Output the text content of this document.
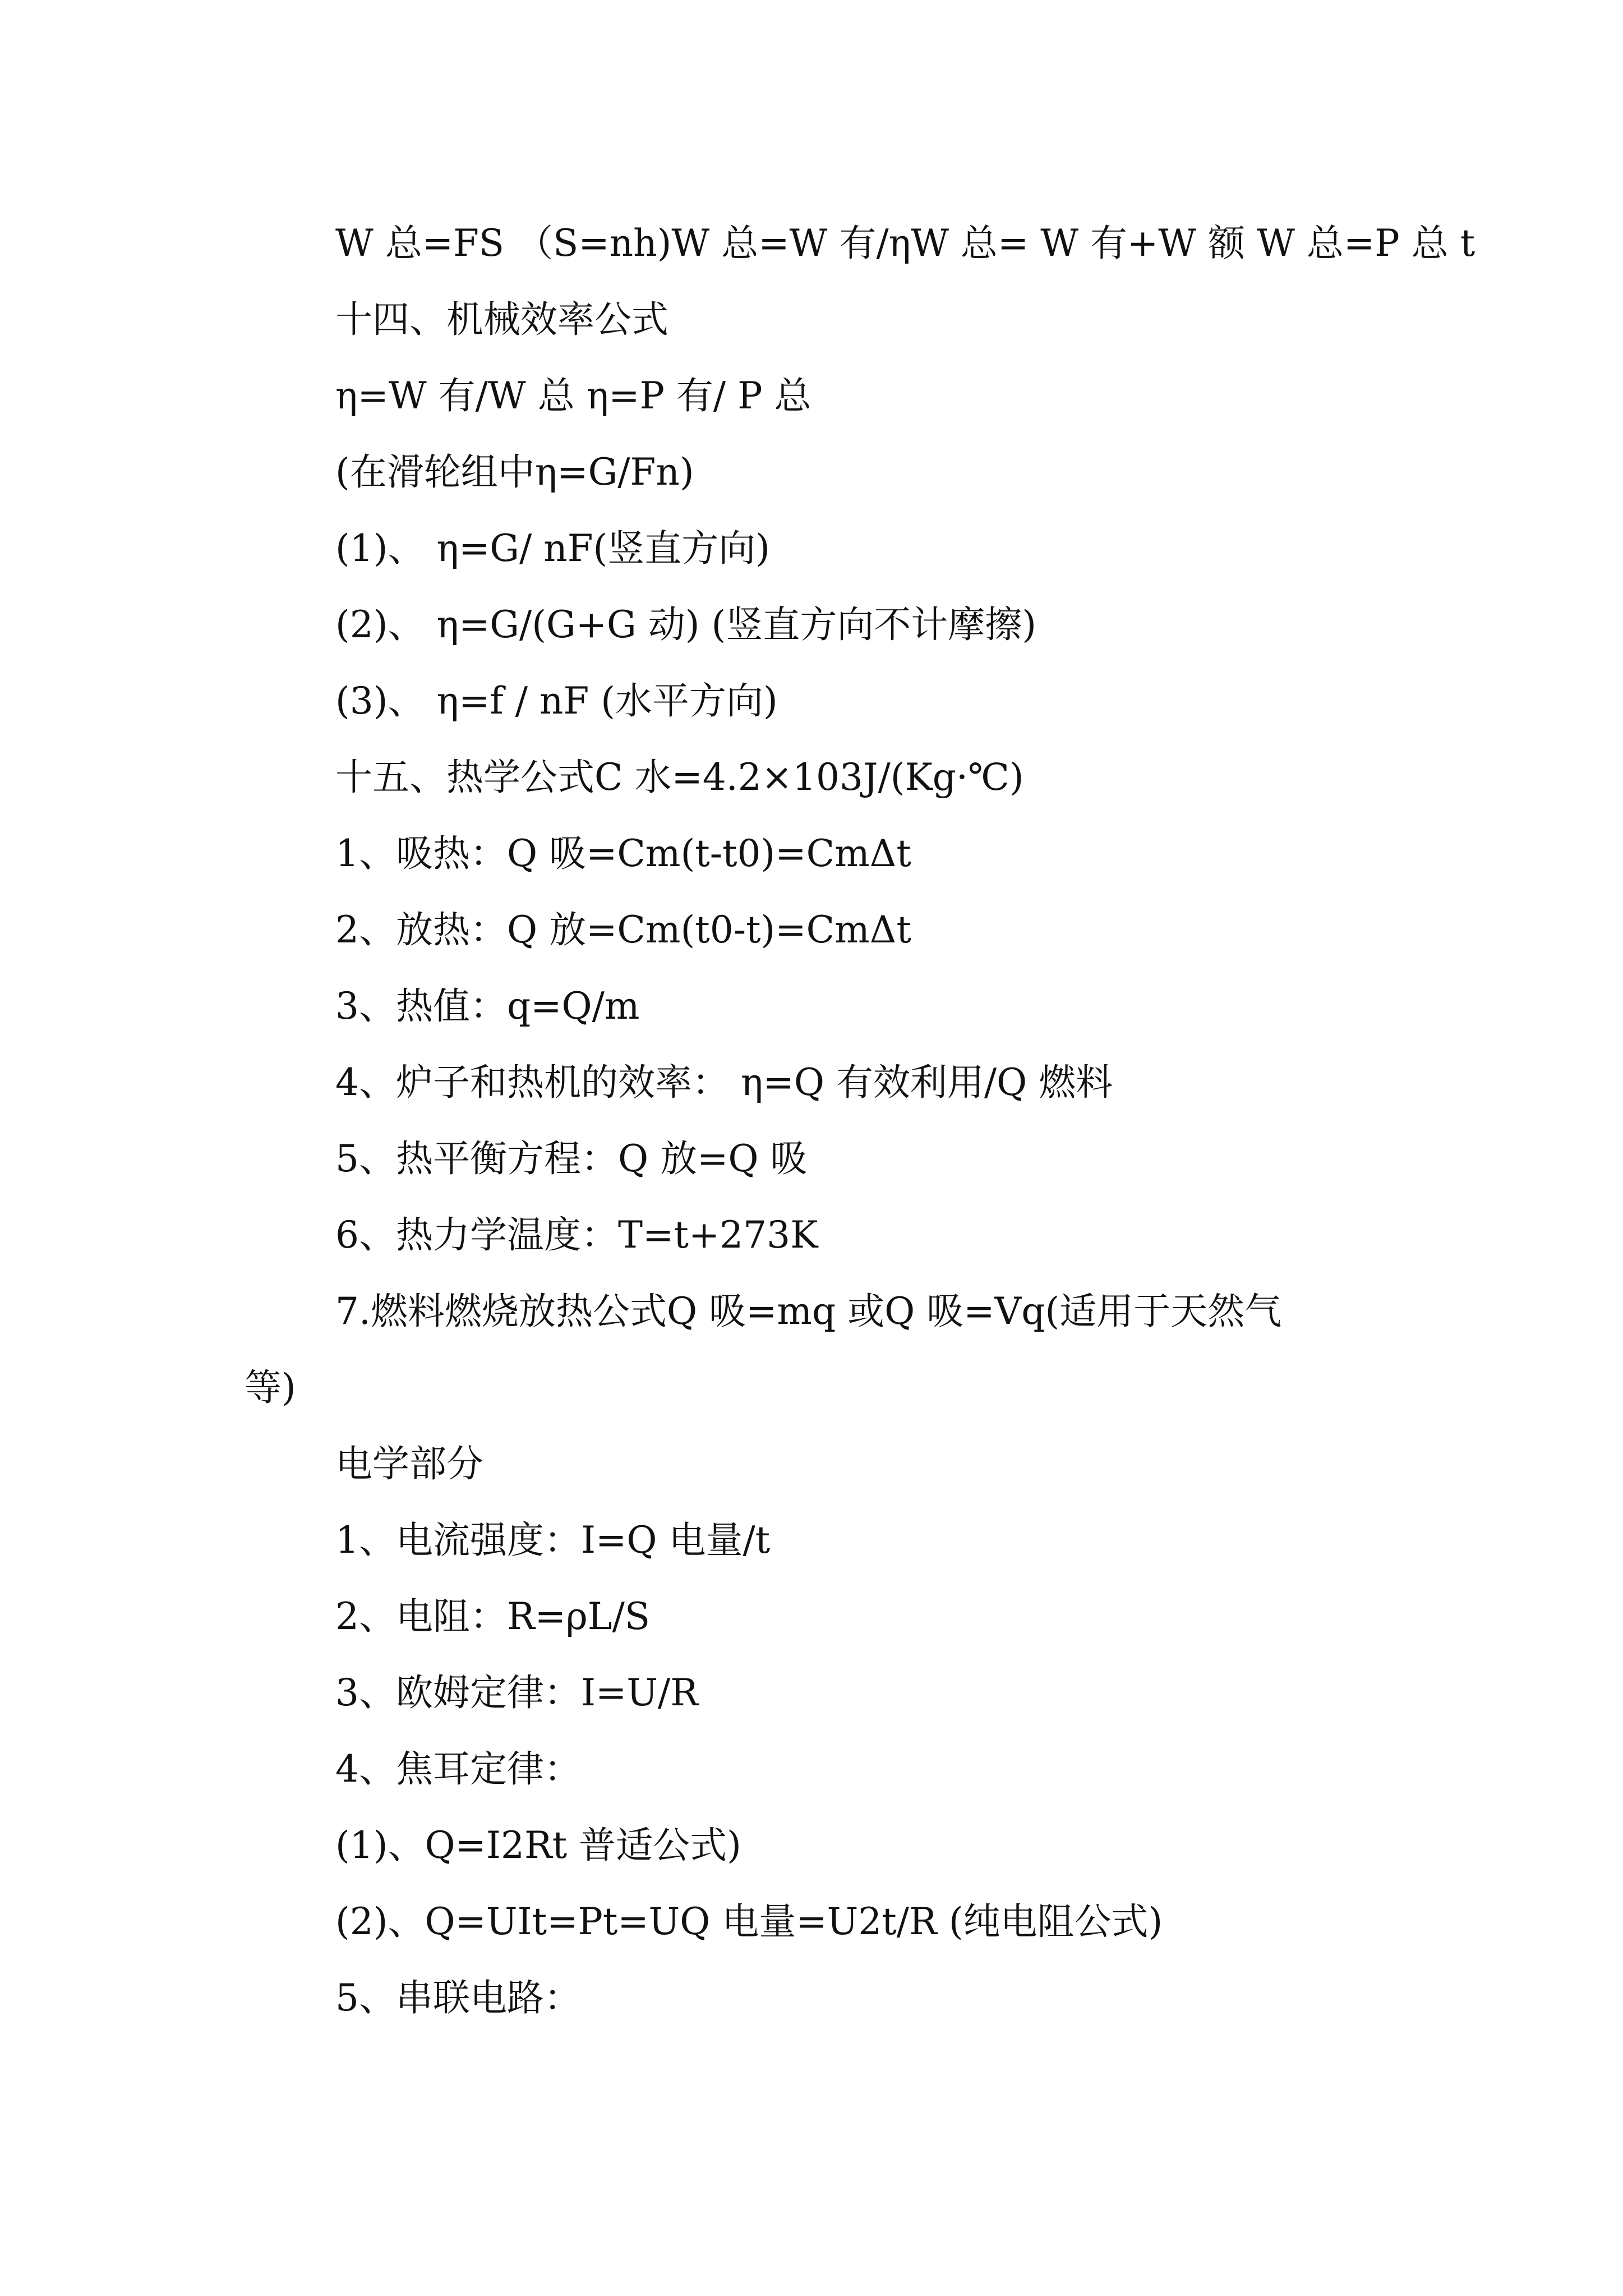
W 总=FS （S=nh)W 总=W 有/ηW 总= W 有+W 额 W 总=P 总 t
十四、机械效率公式
η=W 有/W 总 η=P 有/ P 总
(在滑轮组中η=G/Fn)
(1)、 η=G/ nF(竖直方向)
(2)、 η=G/(G+G 动) (竖直方向不计摩擦)
(3)、 η=f / nF (水平方向)
十五、热学公式C 水=4.2×103J/(Kg·℃)
1、吸热：Q 吸=Cm(t-t0)=CmΔt
2、放热：Q 放=Cm(t0-t)=CmΔt
3、热值：q=Q/m
4、炉子和热机的效率： η=Q 有效利用/Q 燃料
5、热平衡方程：Q 放=Q 吸
6、热力学温度：T=t+273K
7.燃料燃烧放热公式Q 吸=mq 或Q 吸=Vq(适用于天然气
等)
电学部分
1、电流强度：I=Q 电量/t
2、电阻：R=ρL/S
3、欧姆定律：I=U/R
4、焦耳定律：
(1)、Q=I2Rt 普适公式)
(2)、Q=UIt=Pt=UQ 电量=U2t/R (纯电阻公式)
5、串联电路：
